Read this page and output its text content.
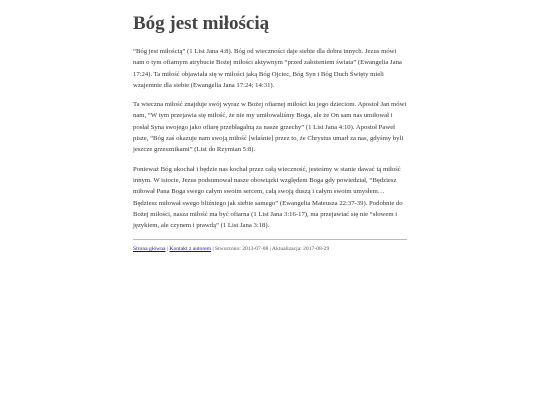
Bóg jest miłością

“Bóg jest miłością” (1 List Jana 4:8). Bóg od wieczności daje siebie dla dobra innych. Jezus mówi nam o tym ofiarnym atrybucie Bożej miłości aktywnym “przed założeniem świata” (Ewangelia Jana 17:24). Ta miłość objawiała się w miłości jaką Bóg Ojciec, Bóg Syn i Bóg Duch Święty mieli wzajemnie dla siebie (Ewangelia Jana 17:24; 14:31).

Ta wieczna miłość znajduje swój wyraz w Bożej ofiarnej miłości ku jego dzieciom. Apostoł Jan mówi nam, “W tym przejawia się miłość, że nie my umiłowaliśmy Boga, ale że On sam nas umiłował i posłał Syna swojego jako ofiarę przebłagalną za nasze grzechy” (1 List Jana 4:10). Apostoł Paweł pisze, “Bóg zaś okazuje nam swoją miłość [właśnie] przez to, że Chrystus umarł za nas, gdyśmy byli jeszcze grzesznikami” (List do Rzymian 5:8).

Ponieważ Bóg ukochał i będzie nas kochał przez całą wieczność, jesteśmy w stanie dawać tą miłość innym. W istocie, Jezus podsumował nasze obowiązki względem Boga gdy powiedział, “Będziesz miłował Pana Boga swego całym swoim sercem, całą swoją duszą i całym swoim umysłem… Będziesz miłował swego bliźniego jak siebie samego” (Ewangelia Mateusza 22:37-39). Podobnie do Bożej miłości, nasza miłość ma być ofiarna (1 List Jana 3:16-17), ma przejawiać się nie “słowem i językiem, ale czynem i prawdą” (1 List Jana 3:18).

Strona główna | Kontakt z autorem | Stworzono: 2013-07-08 | Aktualizacja: 2017-08-29
